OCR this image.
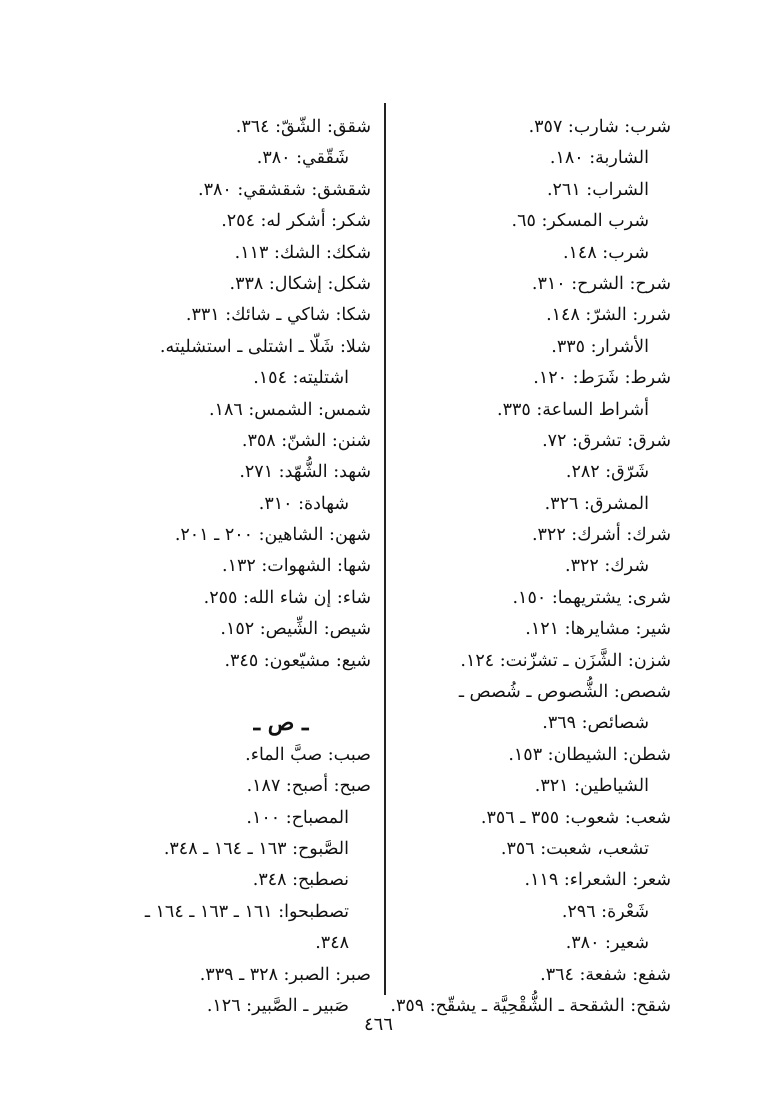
شرب: شارب: ٣٥٧.
الشاربة: ١٨٠.
الشراب: ٢٦١.
شرب المسكر: ٦٥.
شرب: ١٤٨.
شرح: الشرح: ٣١٠.
شرر: الشرّ: ١٤٨.
الأشرار: ٣٣٥.
شرط: شَرَط: ١٢٠.
أشراط الساعة: ٣٣٥.
شرق: تشرق: ٧٢.
شَرّق: ٢٨٢.
المشرق: ٣٢٦.
شرك: أشرك: ٣٢٢.
شرك: ٣٢٢.
شرى: يشتريهما: ١٥٠.
شير: مشايرها: ١٢١.
شزن: الشَّزَن ـ تشزّنت: ١٢٤.
شصص: الشُّصوص ـ شُصص ـ
شصائص: ٣٦٩.
شطن: الشيطان: ١٥٣.
الشياطين: ٣٢١.
شعب: شعوب: ٣٥٥ ـ ٣٥٦.
تشعب، شعبت: ٣٥٦.
شعر: الشعراء: ١١٩.
شَعْرة: ٢٩٦.
شعير: ٣٨٠.
شفع: شفعة: ٣٦٤.
شقح: الشقحة ـ الشُّقْحِيَّة ـ يشقّح: ٣٥٩.
شقق: الشّقّ: ٣٦٤.
شَقّقي: ٣٨٠.
شقشق: شقشقي: ٣٨٠.
شكر: أشكر له: ٢٥٤.
شكك: الشك: ١١٣.
شكل: إشكال: ٣٣٨.
شكا: شاكي ـ شائك: ٣٣١.
شلا: شَلّا ـ اشتلى ـ استشليته.
اشتليته: ١٥٤.
شمس: الشمس: ١٨٦.
شنن: الشنّ: ٣٥٨.
شهد: الشُّهّد: ٢٧١.
شهادة: ٣١٠.
شهن: الشاهين: ٢٠٠ ـ ٢٠١.
شها: الشهوات: ١٣٢.
شاء: إن شاء الله: ٢٥٥.
شيص: الشِّيص: ١٥٢.
شيع: مشيّعون: ٣٤٥.
ـ ص ـ
صبب: صبَّ الماء.
صبح: أصبح: ١٨٧.
المصباح: ١٠٠.
الصَّبوح: ١٦٣ ـ ١٦٤ ـ ٣٤٨.
نصطبح: ٣٤٨.
تصطبحوا: ١٦١ ـ ١٦٣ ـ ١٦٤ ـ
٣٤٨.
صبر: الصبر: ٣٢٨ ـ ٣٣٩.
صَبير ـ الصَّبير: ١٢٦.
٤٦٦
